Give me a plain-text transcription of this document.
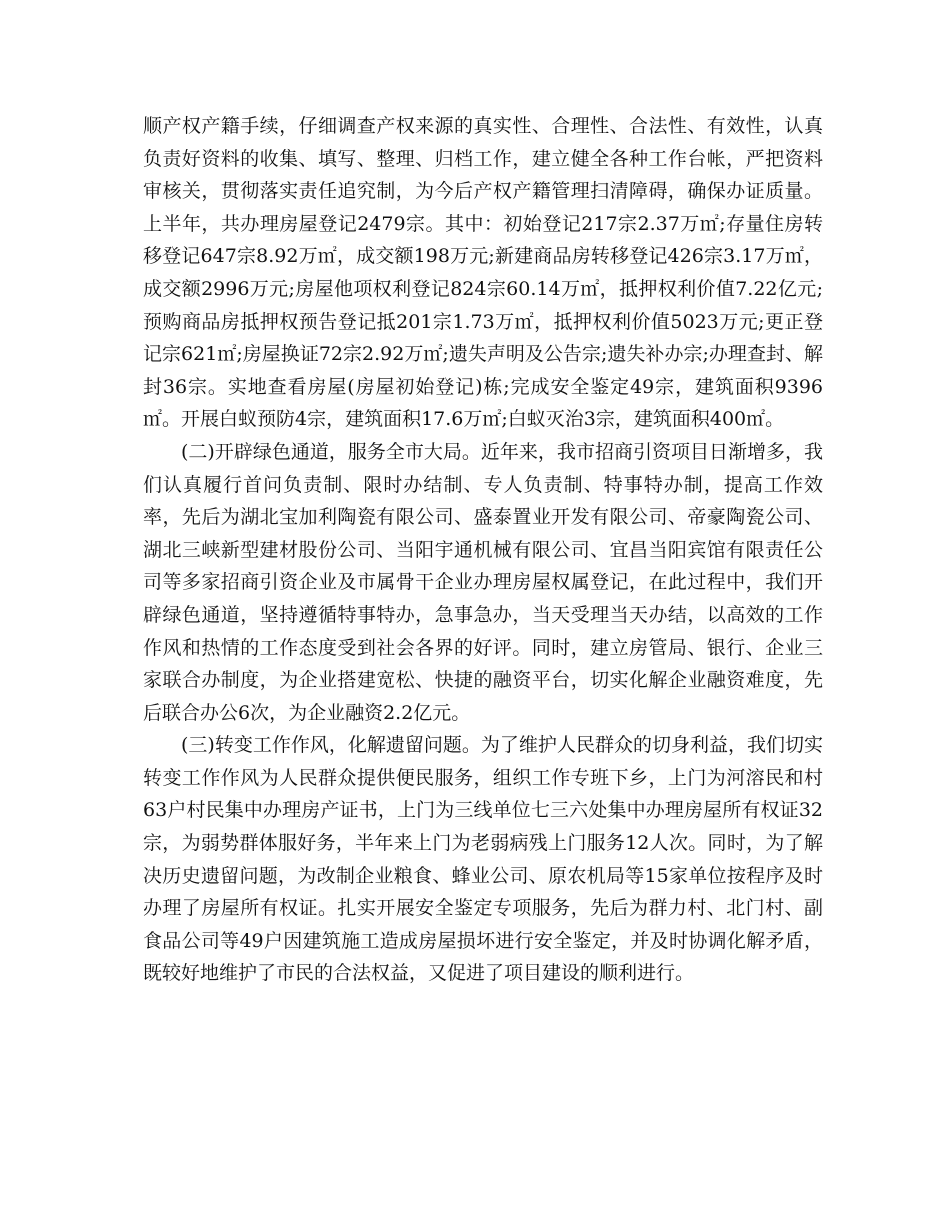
顺产权产籍手续，仔细调查产权来源的真实性、合理性、合法性、有效性，认真负责好资料的收集、填写、整理、归档工作，建立健全各种工作台帐，严把资料审核关，贯彻落实责任追究制，为今后产权产籍管理扫清障碍，确保办证质量。上半年，共办理房屋登记2479宗。其中：初始登记217宗2.37万㎡;存量住房转移登记647宗8.92万㎡，成交额198万元;新建商品房转移登记426宗3.17万㎡，成交额2996万元;房屋他项权利登记824宗60.14万㎡，抵押权利价值7.22亿元;预购商品房抵押权预告登记抵201宗1.73万㎡，抵押权利价值5023万元;更正登记宗621㎡;房屋换证72宗2.92万㎡;遗失声明及公告宗;遗失补办宗;办理查封、解封36宗。实地查看房屋(房屋初始登记)栋;完成安全鉴定49宗，建筑面积9396㎡。开展白蚁预防4宗，建筑面积17.6万㎡;白蚁灭治3宗，建筑面积400㎡。

(二)开辟绿色通道，服务全市大局。近年来，我市招商引资项目日渐增多，我们认真履行首问负责制、限时办结制、专人负责制、特事特办制，提高工作效率，先后为湖北宝加利陶瓷有限公司、盛泰置业开发有限公司、帝豪陶瓷公司、湖北三峡新型建材股份公司、当阳宇通机械有限公司、宜昌当阳宾馆有限责任公司等多家招商引资企业及市属骨干企业办理房屋权属登记，在此过程中，我们开辟绿色通道，坚持遵循特事特办，急事急办，当天受理当天办结，以高效的工作作风和热情的工作态度受到社会各界的好评。同时，建立房管局、银行、企业三家联合办制度，为企业搭建宽松、快捷的融资平台，切实化解企业融资难度，先后联合办公6次，为企业融资2.2亿元。

(三)转变工作作风，化解遗留问题。为了维护人民群众的切身利益，我们切实转变工作作风为人民群众提供便民服务，组织工作专班下乡，上门为河溶民和村63户村民集中办理房产证书，上门为三线单位七三六处集中办理房屋所有权证32宗，为弱势群体服好务，半年来上门为老弱病残上门服务12人次。同时，为了解决历史遗留问题，为改制企业粮食、蜂业公司、原农机局等15家单位按程序及时办理了房屋所有权证。扎实开展安全鉴定专项服务，先后为群力村、北门村、副食品公司等49户因建筑施工造成房屋损坏进行安全鉴定，并及时协调化解矛盾，既较好地维护了市民的合法权益，又促进了项目建设的顺利进行。
